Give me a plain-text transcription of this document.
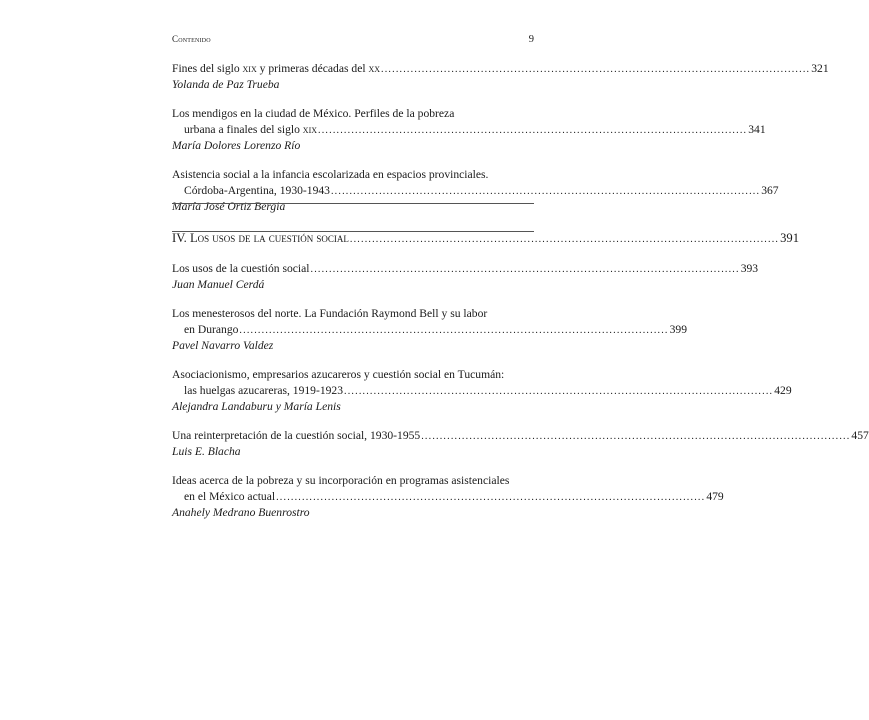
Contenido	9
Fines del siglo xix y primeras décadas del xx .................................................................................................................... 321
Yolanda de Paz Trueba
Los mendigos en la ciudad de México. Perfiles de la pobreza
urbana a finales del siglo xix .................................................................................................................... 341
María Dolores Lorenzo Río
Asistencia social a la infancia escolarizada en espacios provinciales.
Córdoba-Argentina, 1930-1943 .................................................................................................................... 367
María José Ortiz Bergia
IV. Los usos de la cuestión social .................................................................................................................... 391
Los usos de la cuestión social .................................................................................................................... 393
Juan Manuel Cerdá
Los menesterosos del norte. La Fundación Raymond Bell y su labor
en Durango .................................................................................................................... 399
Pavel Navarro Valdez
Asociacionismo, empresarios azucareros y cuestión social en Tucumán:
las huelgas azucareras, 1919-1923 .................................................................................................................... 429
Alejandra Landaburu y María Lenis
Una reinterpretación de la cuestión social, 1930-1955 .................................................................................................................... 457
Luis E. Blacha
Ideas acerca de la pobreza y su incorporación en programas asistenciales
en el México actual .................................................................................................................... 479
Anahely Medrano Buenrostro
